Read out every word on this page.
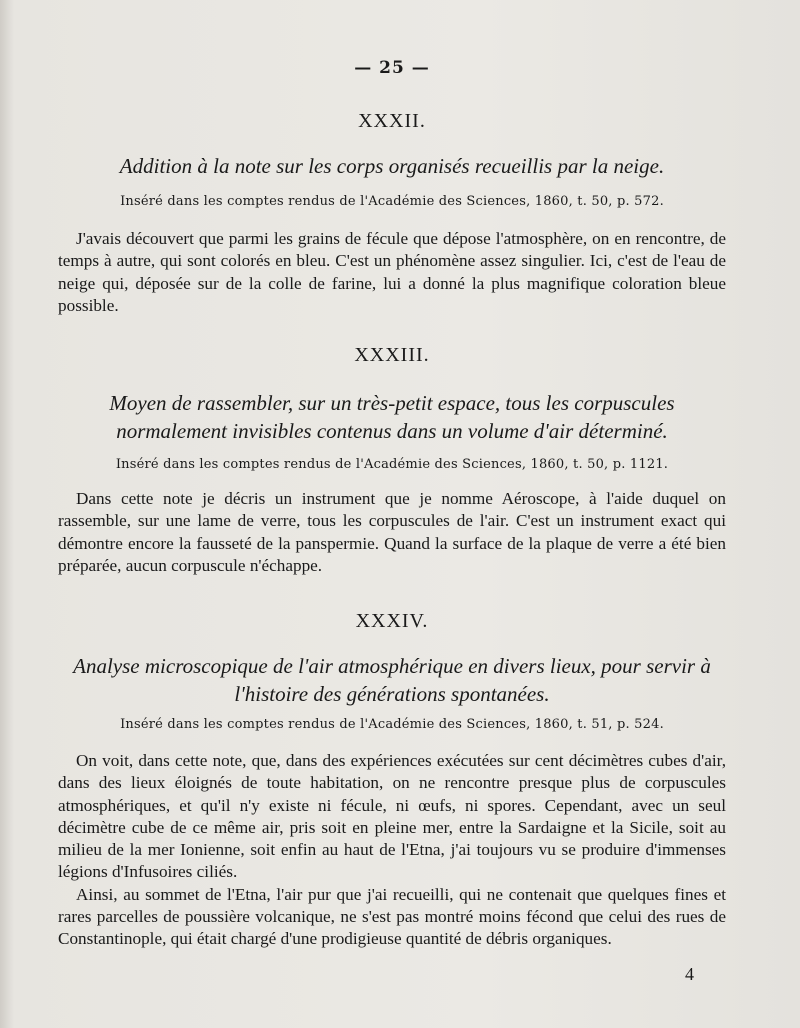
— 25 —
XXXII.
Addition à la note sur les corps organisés recueillis par la neige.
Inséré dans les comptes rendus de l'Académie des Sciences, 1860, t. 50, p. 572.

J'avais découvert que parmi les grains de fécule que dépose l'atmosphère, on en rencontre, de temps à autre, qui sont colorés en bleu. C'est un phénomène assez singulier. Ici, c'est de l'eau de neige qui, déposée sur de la colle de farine, lui a donné la plus magnifique coloration bleue possible.

XXXIII.
Moyen de rassembler, sur un très-petit espace, tous les corpuscules normalement invisibles contenus dans un volume d'air déterminé.
Inséré dans les comptes rendus de l'Académie des Sciences, 1860, t. 50, p. 1121.

Dans cette note je décris un instrument que je nomme Aéroscope, à l'aide duquel on rassemble, sur une lame de verre, tous les corpuscules de l'air. C'est un instrument exact qui démontre encore la fausseté de la panspermie. Quand la surface de la plaque de verre a été bien préparée, aucun corpuscule n'échappe.

XXXIV.
Analyse microscopique de l'air atmosphérique en divers lieux, pour servir à l'histoire des générations spontanées.
Inséré dans les comptes rendus de l'Académie des Sciences, 1860, t. 51, p. 524.

On voit, dans cette note, que, dans des expériences exécutées sur cent décimètres cubes d'air, dans des lieux éloignés de toute habitation, on ne rencontre presque plus de corpuscules atmosphériques, et qu'il n'y existe ni fécule, ni œufs, ni spores. Cependant, avec un seul décimètre cube de ce même air, pris soit en pleine mer, entre la Sardaigne et la Sicile, soit au milieu de la mer Ionienne, soit enfin au haut de l'Etna, j'ai toujours vu se produire d'immenses légions d'Infusoires ciliés.

Ainsi, au sommet de l'Etna, l'air pur que j'ai recueilli, qui ne contenait que quelques fines et rares parcelles de poussière volcanique, ne s'est pas montré moins fécond que celui des rues de Constantinople, qui était chargé d'une prodigieuse quantité de débris organiques.

4
